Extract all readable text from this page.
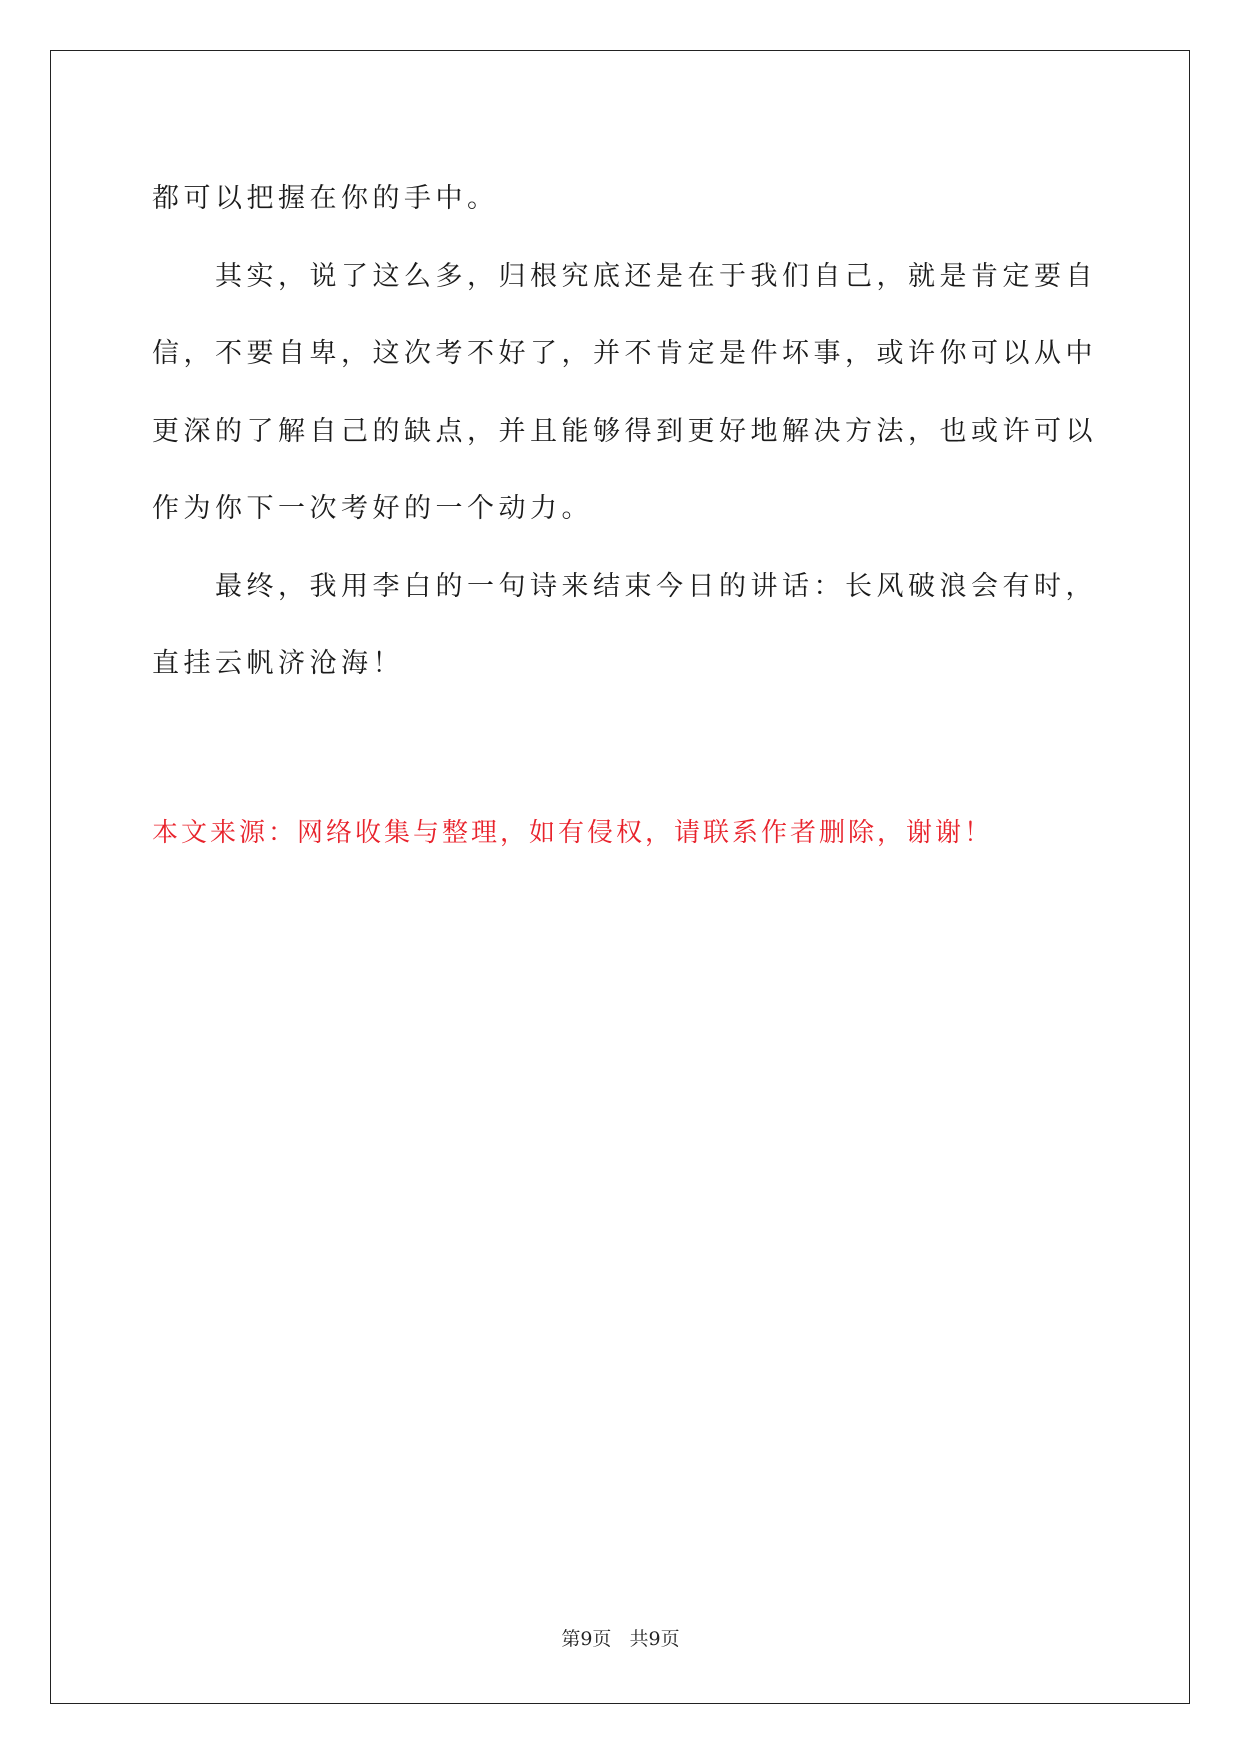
都可以把握在你的手中。
其实，说了这么多，归根究底还是在于我们自己，就是肯定要自
信，不要自卑，这次考不好了，并不肯定是件坏事，或许你可以从中
更深的了解自己的缺点，并且能够得到更好地解决方法，也或许可以
作为你下一次考好的一个动力。
最终，我用李白的一句诗来结束今日的讲话：长风破浪会有时，
直挂云帆济沧海！
本文来源：网络收集与整理，如有侵权，请联系作者删除，谢谢！
第9页   共9页
